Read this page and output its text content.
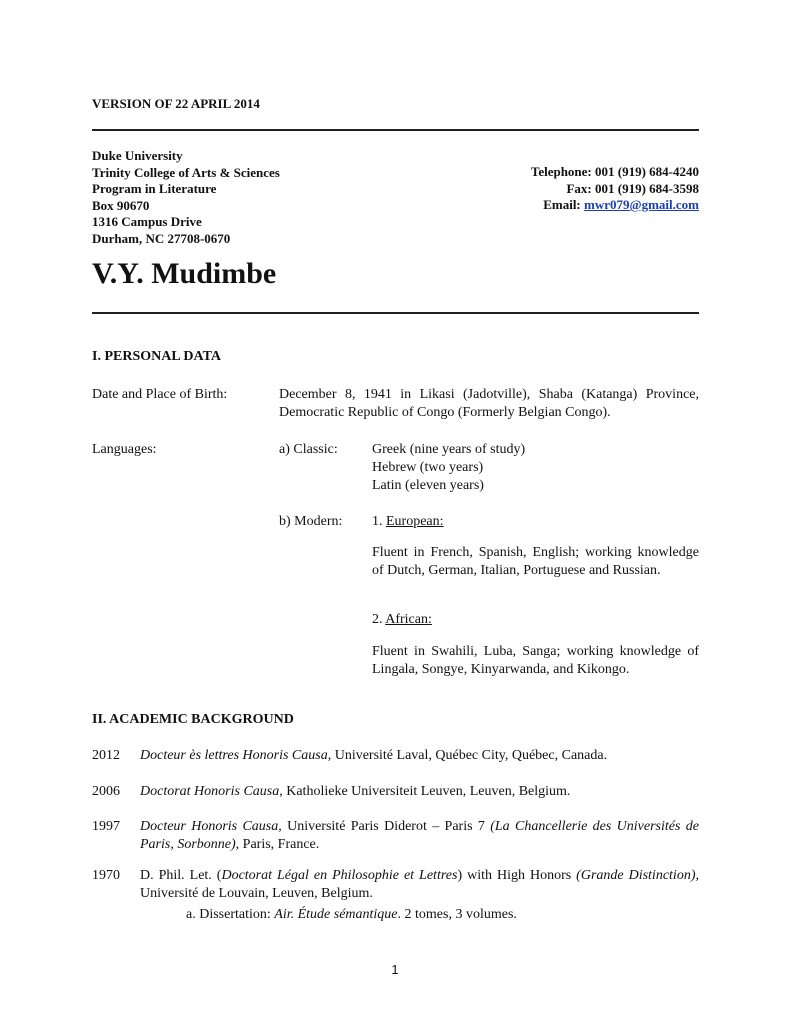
VERSION OF 22 APRIL 2014
Duke University
Trinity College of Arts & Sciences
Program in Literature
Box 90670
1316 Campus Drive
Durham, NC 27708-0670
Telephone: 001 (919) 684-4240
Fax: 001 (919) 684-3598
Email: mwr079@gmail.com
V.Y. Mudimbe
I. PERSONAL DATA
Date and Place of Birth:	December 8, 1941 in Likasi (Jadotville), Shaba (Katanga) Province,
Democratic Republic of Congo (Formerly Belgian Congo).
Languages:	a) Classic: Greek (nine years of study)
Hebrew (two years)
Latin (eleven years)
b) Modern: 1. European:
Fluent in French, Spanish, English; working knowledge of Dutch, German, Italian, Portuguese and Russian.
2. African:
Fluent in Swahili, Luba, Sanga; working knowledge of Lingala, Songye, Kinyarwanda, and Kikongo.
II. ACADEMIC BACKGROUND
2012 Docteur ès lettres Honoris Causa, Université Laval, Québec City, Québec, Canada.
2006 Doctorat Honoris Causa, Katholieke Universiteit Leuven, Leuven, Belgium.
1997 Docteur Honoris Causa, Université Paris Diderot – Paris 7 (La Chancellerie des Universités de Paris, Sorbonne), Paris, France.
1970 D. Phil. Let. (Doctorat Légal en Philosophie et Lettres) with High Honors (Grande Distinction), Université de Louvain, Leuven, Belgium.
a. Dissertation: Air. Étude sémantique. 2 tomes, 3 volumes.
1
